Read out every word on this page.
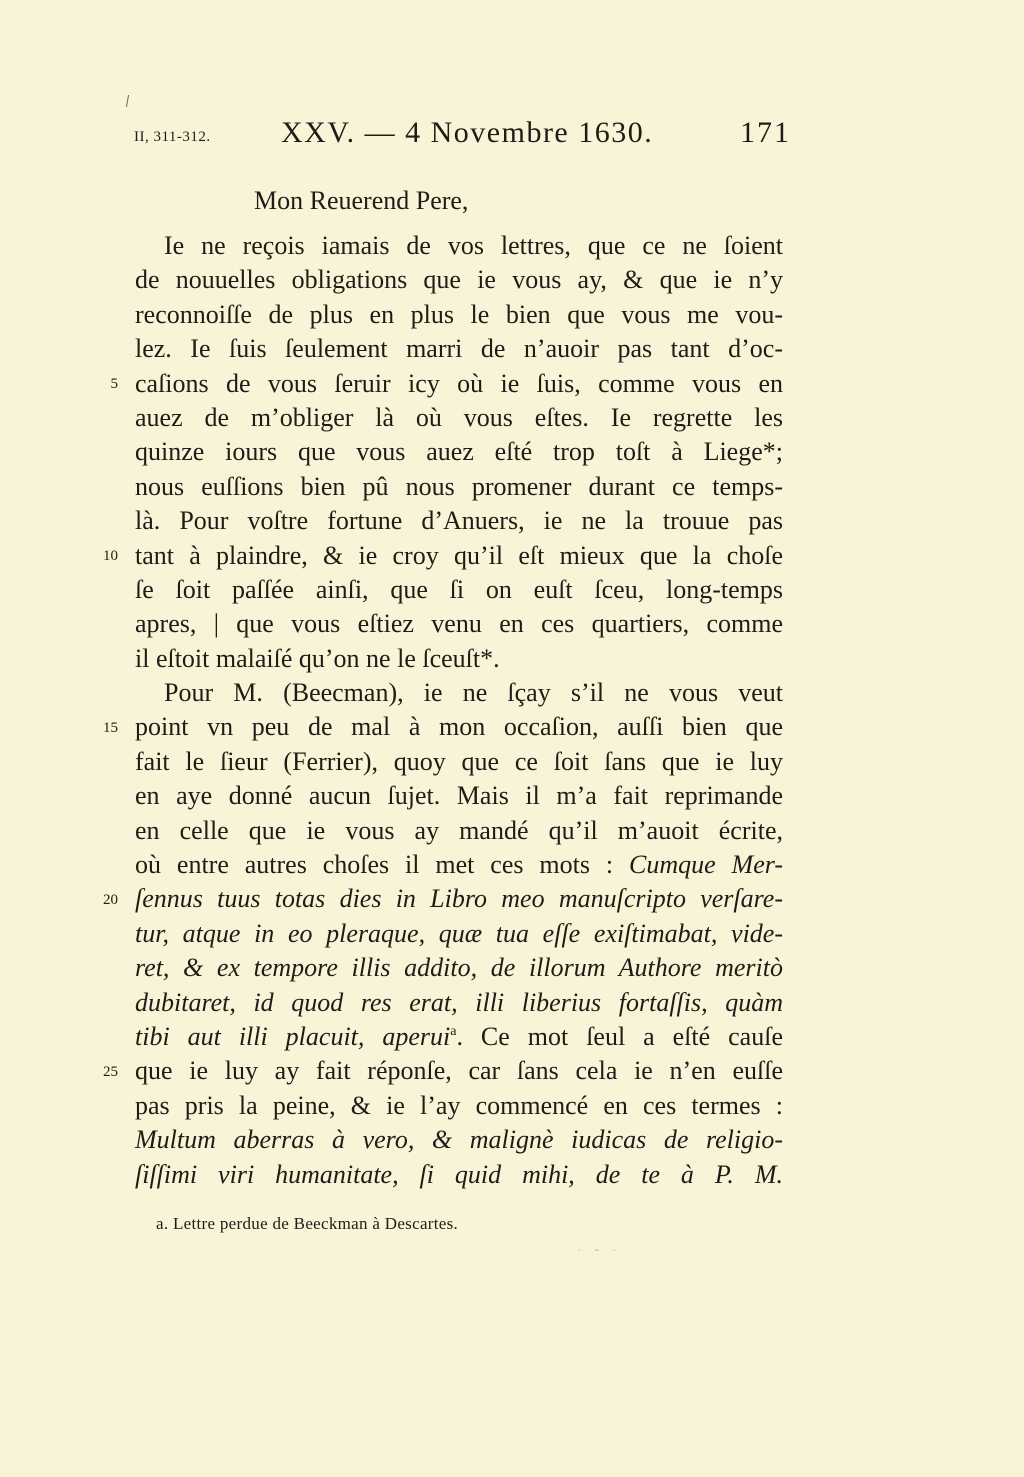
II, 311-312. XXV. — 4 Novembre 1630.	171
Mon Reuerend Pere,
5
10
15
20
25
Ie ne reçois iamais de vos lettres, que ce ne ſoient
de nouuelles obligations que ie vous ay, & que ie n’y
reconnoiſſe de plus en plus le bien que vous me vou-
lez. Ie ſuis ſeulement marri de n’auoir pas tant d’oc-
caſions de vous ſeruir icy où ie ſuis, comme vous en
auez de m’obliger là où vous eſtes. Ie regrette les
quinze iours que vous auez eſté trop toſt à Liege*;
nous euſſions bien pû nous promener durant ce temps-
là. Pour voſtre fortune d’Anuers, ie ne la trouue pas
tant à plaindre, & ie croy qu’il eſt mieux que la choſe
ſe ſoit paſſée ainſi, que ſi on euſt ſceu, long-temps
apres, | que vous eſtiez venu en ces quartiers, comme
il eſtoit malaiſé qu’on ne le ſceuſt*.
Pour M. (Beecman), ie ne ſçay s’il ne vous veut
point vn peu de mal à mon occaſion, auſſi bien que
fait le ſieur (Ferrier), quoy que ce ſoit ſans que ie luy
en aye donné aucun ſujet. Mais il m’a fait reprimande
en celle que ie vous ay mandé qu’il m’auoit écrite,
où entre autres choſes il met ces mots : Cumque Mer-
ſennus tuus totas dies in Libro meo manuſcripto verſare-
tur, atque in eo pleraque, quæ tua eſſe exiſtimabat, vide-
ret, & ex tempore illis addito, de illorum Authore meritò
dubitaret, id quod res erat, illi liberius fortaſſis, quàm
tibi aut illi placuit, aperui$^a$. Ce mot ſeul a eſté cauſe
que ie luy ay fait réponſe, car ſans cela ie n’en euſſe
pas pris la peine, & ie l’ay commencé en ces termes :
Multum aberras à vero, & malignè iudicas de religio-
ſiſſimi viri humanitate, ſi quid mihi, de te à P. M.
a. Lettre perdue de Beeckman à Descartes.
· ~ ·
